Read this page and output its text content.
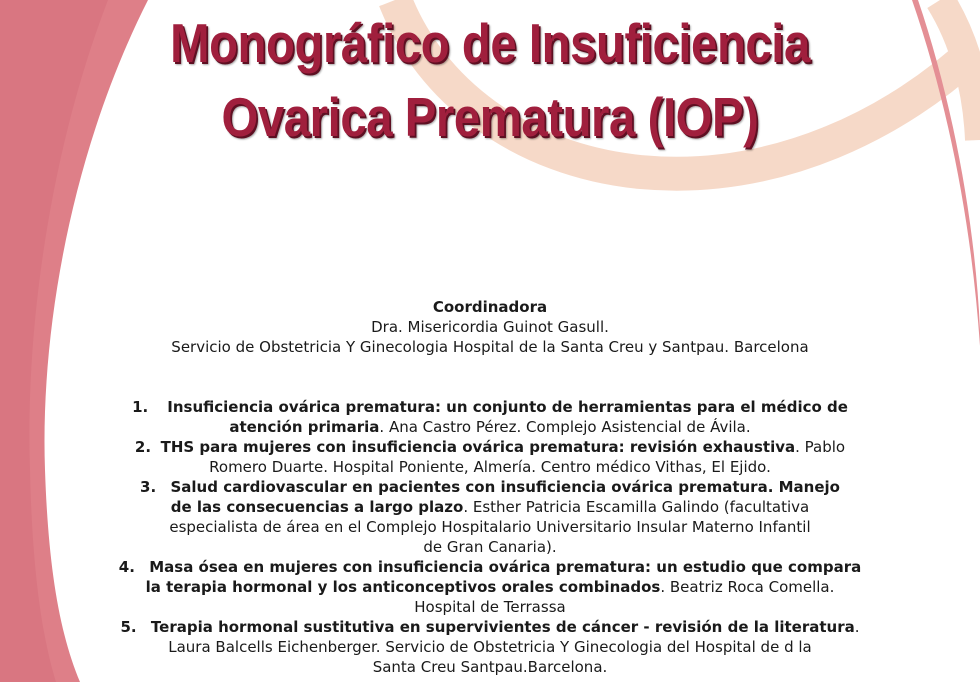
Monográfico de Insuficiencia
Ovarica Prematura (IOP)
Coordinadora
Dra. Misericordia Guinot Gasull.
Servicio de Obstetricia Y Ginecologia Hospital de la Santa Creu y Santpau. Barcelona
1. Insuficiencia ovárica prematura: un conjunto de herramientas para el médico de
atención primaria. Ana Castro Pérez. Complejo Asistencial de Ávila.
2. THS para mujeres con insuficiencia ovárica prematura: revisión exhaustiva. Pablo
Romero Duarte. Hospital Poniente, Almería. Centro médico Vithas, El Ejido.
3. Salud cardiovascular en pacientes con insuficiencia ovárica prematura. Manejo
de las consecuencias a largo plazo. Esther Patricia Escamilla Galindo (facultativa
especialista de área en el Complejo Hospitalario Universitario Insular Materno Infantil
de Gran Canaria).
4. Masa ósea en mujeres con insuficiencia ovárica prematura: un estudio que compara
la terapia hormonal y los anticonceptivos orales combinados. Beatriz Roca Comella.
Hospital de Terrassa
5. Terapia hormonal sustitutiva en supervivientes de cáncer - revisión de la literatura.
Laura Balcells Eichenberger. Servicio de Obstetricia Y Ginecologia del Hospital de d la
Santa Creu Santpau.Barcelona.
